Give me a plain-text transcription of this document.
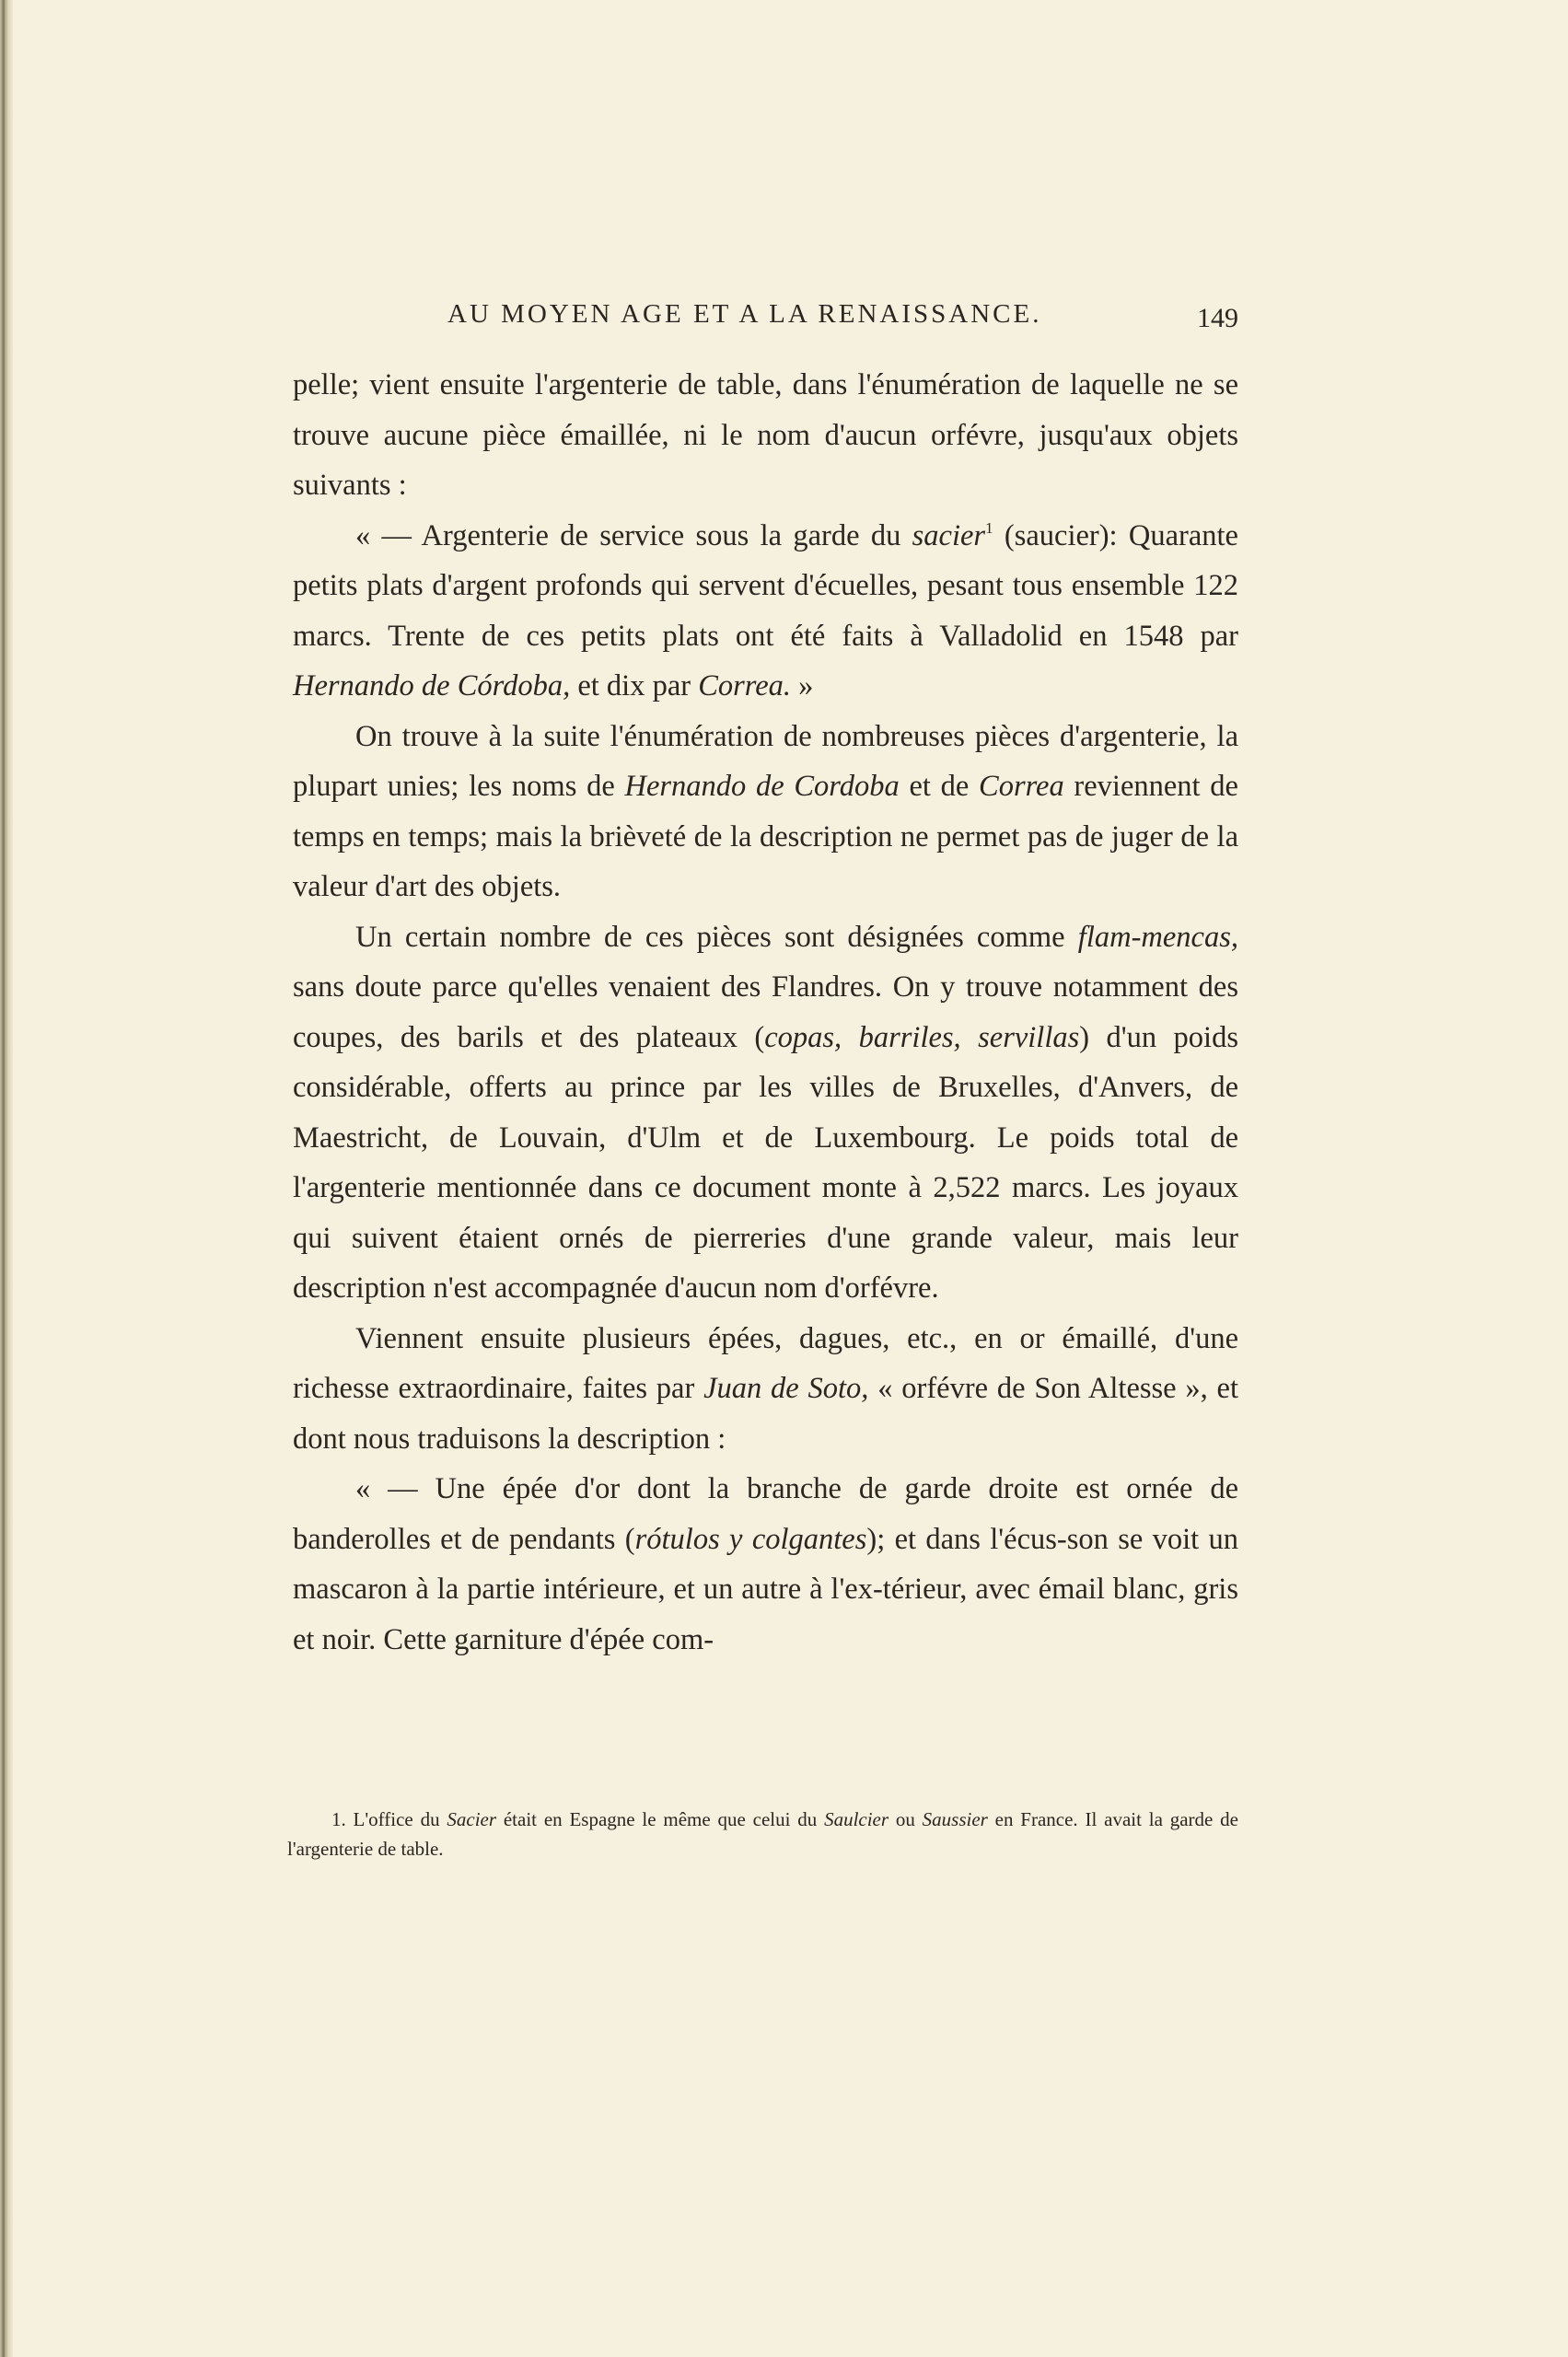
AU MOYEN AGE ET A LA RENAISSANCE.	149

pelle; vient ensuite l'argenterie de table, dans l'énumération de laquelle ne se trouve aucune pièce émaillée, ni le nom d'aucun orfévre, jusqu'aux objets suivants :

« — Argenterie de service sous la garde du sacier$^1$ (saucier): Quarante petits plats d'argent profonds qui servent d'écuelles, pesant tous ensemble 122 marcs. Trente de ces petits plats ont été faits à Valladolid en 1548 par Hernando de Córdoba, et dix par Correa. »

On trouve à la suite l'énumération de nombreuses pièces d'argenterie, la plupart unies; les noms de Hernando de Cordoba et de Correa reviennent de temps en temps; mais la brièveté de la description ne permet pas de juger de la valeur d'art des objets.

Un certain nombre de ces pièces sont désignées comme flam-mencas, sans doute parce qu'elles venaient des Flandres. On y trouve notamment des coupes, des barils et des plateaux (copas, barriles, servillas) d'un poids considérable, offerts au prince par les villes de Bruxelles, d'Anvers, de Maestricht, de Louvain, d'Ulm et de Luxembourg. Le poids total de l'argenterie mentionnée dans ce document monte à 2,522 marcs. Les joyaux qui suivent étaient ornés de pierreries d'une grande valeur, mais leur description n'est accompagnée d'aucun nom d'orfévre.

Viennent ensuite plusieurs épées, dagues, etc., en or émaillé, d'une richesse extraordinaire, faites par Juan de Soto, « orfévre de Son Altesse », et dont nous traduisons la description :

« — Une épée d'or dont la branche de garde droite est ornée de banderolles et de pendants (rótulos y colgantes); et dans l'écus-son se voit un mascaron à la partie intérieure, et un autre à l'ex-térieur, avec émail blanc, gris et noir. Cette garniture d'épée com-

1. L'office du Sacier était en Espagne le même que celui du Saulcier ou Saussier en France. Il avait la garde de l'argenterie de table.
